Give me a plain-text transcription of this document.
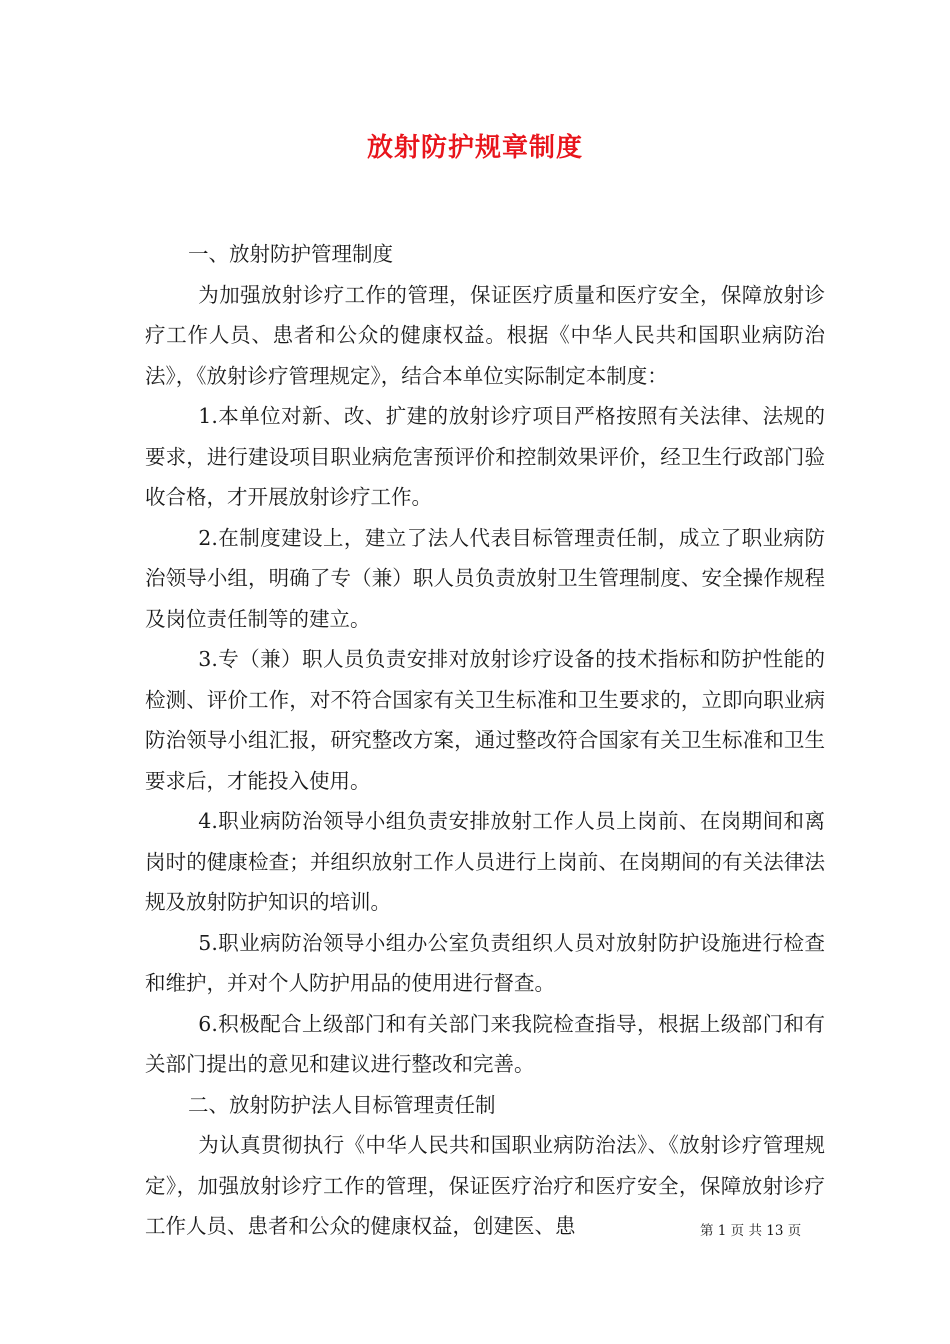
放射防护规章制度

一、放射防护管理制度

为加强放射诊疗工作的管理，保证医疗质量和医疗安全，保障放射诊疗工作人员、患者和公众的健康权益。根据《中华人民共和国职业病防治法》，《放射诊疗管理规定》，结合本单位实际制定本制度：

1.本单位对新、改、扩建的放射诊疗项目严格按照有关法律、法规的要求，进行建设项目职业病危害预评价和控制效果评价，经卫生行政部门验收合格，才开展放射诊疗工作。

2.在制度建设上，建立了法人代表目标管理责任制，成立了职业病防治领导小组，明确了专（兼）职人员负责放射卫生管理制度、安全操作规程及岗位责任制等的建立。

3.专（兼）职人员负责安排对放射诊疗设备的技术指标和防护性能的检测、评价工作，对不符合国家有关卫生标准和卫生要求的，立即向职业病防治领导小组汇报，研究整改方案，通过整改符合国家有关卫生标准和卫生要求后，才能投入使用。

4.职业病防治领导小组负责安排放射工作人员上岗前、在岗期间和离岗时的健康检查；并组织放射工作人员进行上岗前、在岗期间的有关法律法规及放射防护知识的培训。

5.职业病防治领导小组办公室负责组织人员对放射防护设施进行检查和维护，并对个人防护用品的使用进行督查。

6.积极配合上级部门和有关部门来我院检查指导，根据上级部门和有关部门提出的意见和建议进行整改和完善。

二、放射防护法人目标管理责任制

为认真贯彻执行《中华人民共和国职业病防治法》、《放射诊疗管理规定》，加强放射诊疗工作的管理，保证医疗治疗和医疗安全，保障放射诊疗工作人员、患者和公众的健康权益，创建医、患	第 1 页 共 13 页
